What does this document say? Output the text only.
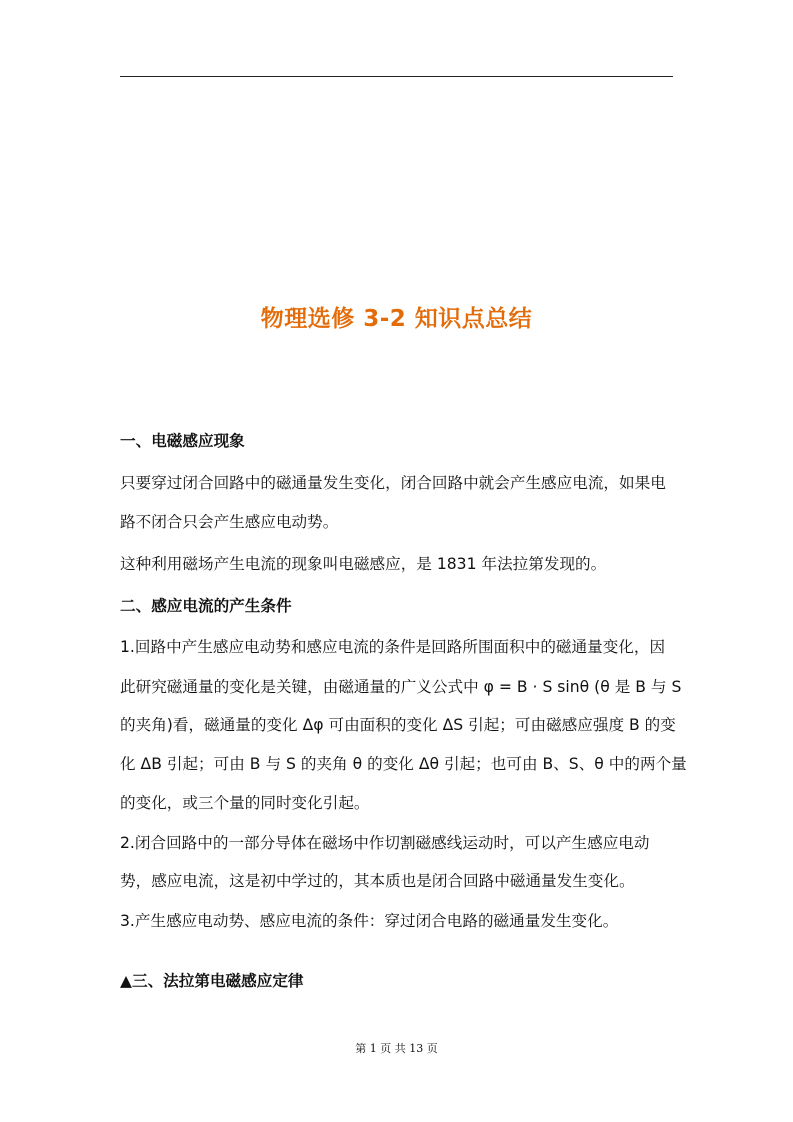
物理选修 3-2 知识点总结
一、电磁感应现象
只要穿过闭合回路中的磁通量发生变化，闭合回路中就会产生感应电流，如果电
路不闭合只会产生感应电动势。
这种利用磁场产生电流的现象叫电磁感应，是 1831 年法拉第发现的。
二、感应电流的产生条件
1.回路中产生感应电动势和感应电流的条件是回路所围面积中的磁通量变化，因
此研究磁通量的变化是关键，由磁通量的广义公式中 φ = B · S sinθ (θ 是 B 与 S
的夹角)看，磁通量的变化 Δφ 可由面积的变化 ΔS 引起；可由磁感应强度 B 的变
化 ΔB 引起；可由 B 与 S 的夹角 θ 的变化 Δθ 引起；也可由 B、S、θ 中的两个量
的变化，或三个量的同时变化引起。
2.闭合回路中的一部分导体在磁场中作切割磁感线运动时，可以产生感应电动
势，感应电流，这是初中学过的，其本质也是闭合回路中磁通量发生变化。
3.产生感应电动势、感应电流的条件：穿过闭合电路的磁通量发生变化。
▲三、法拉第电磁感应定律
第 1 页 共 13 页
